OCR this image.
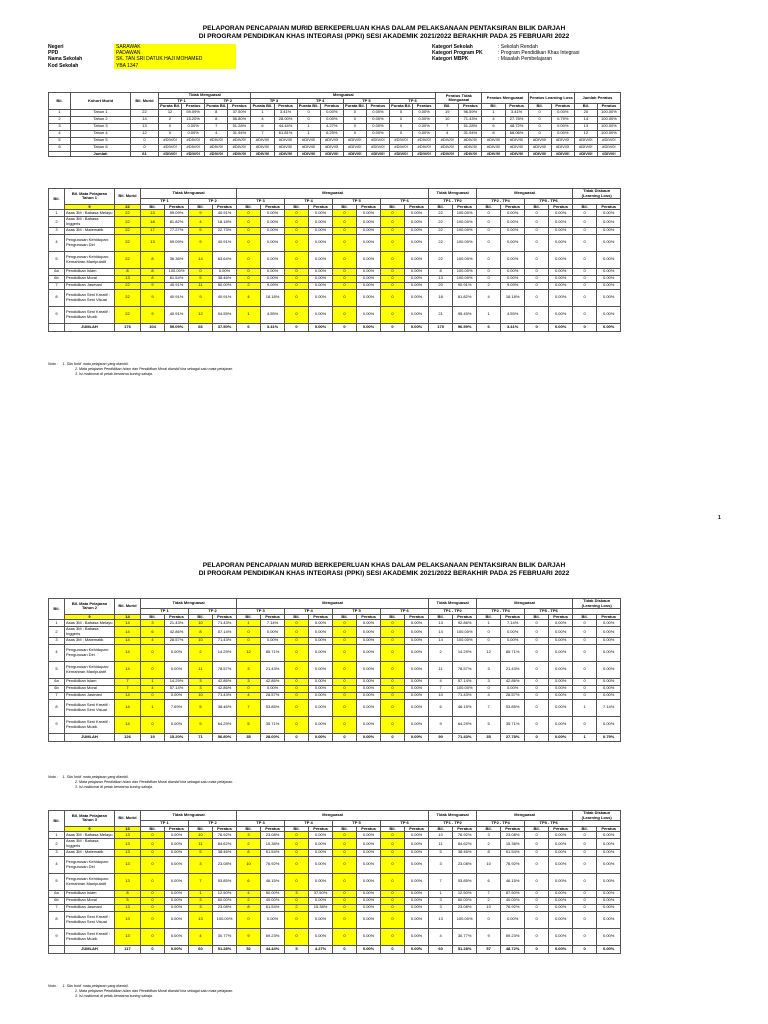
PELAPORAN PENCAPAIAN MURID BERKEPERLUAN KHAS DALAM PELAKSANAAN PENTAKSIRAN BILIK DARJAH
DI PROGRAM PENDIDIKAN KHAS INTEGRASI (PPKI) SESI AKADEMIK 2021/2022 BERAKHIR PADA 25 FEBRUARI 2022
Negeri	SARAWAK
PPD	PADAWAN
Nama Sekolah	SK. TAN SRI DATUK HAJI MOHAMED
Kod Sekolah	YBA 1347
Kategori Sekolah	: Sekolah Rendah
Kategori Program PK	: Program Pendidikan Khas Integrasi
Kategori MBPK	: Masalah Pembelajaran
Bil.	Kohort Murid	Bil. Murid	Tidak Menguasai				Menguasai								Peratus Tidak Menguasai		Peratus Menguasai		Peratus Learning Loss		Jumlah Peratus	
			TP 1		TP 2		TP 3		TP 4		TP 5		TP 6									
			Purata Bil.	Peratus	Purata Bil.	Peratus	Purata Bil.	Peratus	Purata Bil.	Peratus	Purata Bil.	Peratus	Purata Bil.	Peratus	Bil.	Peratus	Bil.	Peratus	Bil.	Peratus	Bil.	Peratus
1	Tahun 1	22	12	59.09%	8	37.50%	1	3.41%	0	0.00%	0	0.00%	0	0.00%	19	96.59%	1	3.41%	0	0.00%	20	100.00%
2	Tahun 2	14	2	15.20%	8	56.80%	4	28.00%	0	0.00%	0	0.00%	0	0.00%	10	71.43%	4	27.78%	0	0.79%	14	100.00%
3	Tahun 3	13	0	0.00%	7	51.28%	6	44.44%	1	4.27%	0	0.00%	0	0.00%	7	51.28%	6	48.72%	0	0.00%	13	100.00%
4	Tahun 4	12	0	0.00%	4	31.94%	7	61.81%	1	6.25%	0	0.00%	0	0.00%	4	31.94%	8	68.06%	0	0.00%	12	100.00%
5	Tahun 5	0	#DIV/0!	#DIV/0!	#DIV/0!	#DIV/0!	#DIV/0!	#DIV/0!	#DIV/0!	#DIV/0!	#DIV/0!	#DIV/0!	#DIV/0!	#DIV/0!	#DIV/0!	#DIV/0!	#DIV/0!	#DIV/0!	#DIV/0!	#DIV/0!	#DIV/0!	#DIV/0!
6	Tahun 6	0	#DIV/0!	#DIV/0!	#DIV/0!	#DIV/0!	#DIV/0!	#DIV/0!	#DIV/0!	#DIV/0!	#DIV/0!	#DIV/0!	#DIV/0!	#DIV/0!	#DIV/0!	#DIV/0!	#DIV/0!	#DIV/0!	#DIV/0!	#DIV/0!	#DIV/0!	#DIV/0!
	Jumlah	61	#DIV/0!	#DIV/0!	#DIV/0!	#DIV/0!	#DIV/0!	#DIV/0!	#DIV/0!	#DIV/0!	#DIV/0!	#DIV/0!	#DIV/0!	#DIV/0!	#DIV/0!	#DIV/0!	#DIV/0!	#DIV/0!	#DIV/0!	#DIV/0!	#DIV/0!	#DIV/0!
Bil.	Bil. Mata Pelajaran Tahun 1	Bil. Murid	Tidak Menguasai				Menguasai								Tidak Menguasai		Menguasai				Tidak Diskaun (Learning Loss)	
			TP 1		TP 2		TP 3		TP 4		TP 5		TP 6		TP1 - TP2		TP2 - TP4		TP5 - TP6			
	9	22	Bil.	Peratus	Bil.	Peratus	Bil.	Peratus	Bil.	Peratus	Bil.	Peratus	Bil.	Peratus	Bil.	Peratus	Bil.	Peratus	Bil.	Peratus	Bil.	Peratus
1	Asas 3M : Bahasa Melayu	22	13	59.09%	9	40.91%	0	0.00%	0	0.00%	0	0.00%	0	0.00%	22	100.00%	0	0.00%	0	0.00%	0	0.00%
2	Asas 3M : Bahasa Inggeris	22	18	81.82%	4	18.18%	0	0.00%	0	0.00%	0	0.00%	0	0.00%	22	100.00%	0	0.00%	0	0.00%	0	0.00%
3	Asas 3M : Matematik	22	17	77.27%	5	22.73%	0	0.00%	0	0.00%	0	0.00%	0	0.00%	22	100.00%	0	0.00%	0	0.00%	0	0.00%
4	Pengurusan Kehidupan: Pengurusan Diri	22	13	59.09%	9	40.91%	0	0.00%	0	0.00%	0	0.00%	0	0.00%	22	100.00%	0	0.00%	0	0.00%	0	0.00%
5	Pengurusan Kehidupan: Kemahiran Manipulatif	22	8	36.36%	14	63.64%	0	0.00%	0	0.00%	0	0.00%	0	0.00%	22	100.00%	0	0.00%	0	0.00%	0	0.00%
6a	Pendidikan Islam	8	8	100.00%	0	0.00%	0	0.00%	0	0.00%	0	0.00%	0	0.00%	8	100.00%	0	0.00%	0	0.00%	0	0.00%
6b	Pendidikan Moral	13	8	61.54%	5	38.46%	0	0.00%	0	0.00%	0	0.00%	0	0.00%	13	100.00%	0	0.00%	0	0.00%	0	0.00%
7	Pendidikan Jasmani	22	9	40.91%	11	50.00%	2	9.09%	0	0.00%	0	0.00%	0	0.00%	20	90.91%	2	9.09%	0	0.00%	0	0.00%
8	Pendidikan Seni Kreatif : Pendidikan Seni Visual	22	9	40.91%	9	40.91%	4	18.18%	0	0.00%	0	0.00%	0	0.00%	18	81.82%	4	18.18%	0	0.00%	0	0.00%
9	Pendidikan Seni Kreatif : Pendidikan Muzik	22	9	40.91%	12	54.55%	1	4.55%	0	0.00%	0	0.00%	0	0.00%	21	95.45%	1	4.55%	0	0.00%	0	0.00%
	JUMLAH	176	104	59.09%	66	37.50%	6	3.41%	0	0.00%	0	0.00%	0	0.00%	170	96.59%	6	3.41%	0	0.00%	0	0.00%
Nota : 1. Sila 'bold' mata pelajaran yang diambil.
2. Mata pelajaran Pendidikan Islam dan Pendidikan Moral diambil kira sebagai satu mata pelajaran.
3. Isi maklumat di petak berwarna kuning sahaja.
1
PELAPORAN PENCAPAIAN MURID BERKEPERLUAN KHAS DALAM PELAKSANAAN PENTAKSIRAN BILIK DARJAH
DI PROGRAM PENDIDIKAN KHAS INTEGRASI (PPKI) SESI AKADEMIK 2021/2022 BERAKHIR PADA 25 FEBRUARI 2022
Bil.	Bil. Mata Pelajaran Tahun 2	Bil. Murid	Tidak Menguasai				Menguasai								Tidak Menguasai		Menguasai				Tidak Diskaun (Learning Loss)	
			TP 1		TP 2		TP 3		TP 4		TP 5		TP 6		TP1 - TP2		TP2 - TP4		TP5 - TP6			
	9	14	Bil.	Peratus	Bil.	Peratus	Bil.	Peratus	Bil.	Peratus	Bil.	Peratus	Bil.	Peratus	Bil.	Peratus	Bil.	Peratus	Bil.	Peratus	Bil.	Peratus
1	Asas 3M : Bahasa Melayu	14	3	21.43%	10	71.43%	1	7.14%	0	0.00%	0	0.00%	0	0.00%	13	92.86%	1	7.14%	0	0.00%	0	0.00%
2	Asas 3M : Bahasa Inggeris	14	6	42.86%	8	57.14%	0	0.00%	0	0.00%	0	0.00%	0	0.00%	14	100.00%	0	0.00%	0	0.00%	0	0.00%
3	Asas 3M : Matematik	14	4	28.57%	10	71.43%	0	0.00%	0	0.00%	0	0.00%	0	0.00%	14	100.00%	0	0.00%	0	0.00%	0	0.00%
4	Pengurusan Kehidupan: Pengurusan Diri	14	0	0.00%	2	14.29%	12	85.71%	0	0.00%	0	0.00%	0	0.00%	2	14.29%	12	85.71%	0	0.00%	0	0.00%
5	Pengurusan Kehidupan: Kemahiran Manipulatif	14	0	0.00%	11	78.57%	3	21.43%	0	0.00%	0	0.00%	0	0.00%	11	78.57%	3	21.43%	0	0.00%	0	0.00%
6a	Pendidikan Islam	7	1	14.29%	3	42.86%	3	42.86%	0	0.00%	0	0.00%	0	0.00%	4	57.14%	3	42.86%	0	0.00%	0	0.00%
6b	Pendidikan Moral	7	4	57.14%	3	42.86%	0	0.00%	0	0.00%	0	0.00%	0	0.00%	7	100.00%	0	0.00%	0	0.00%	0	0.00%
7	Pendidikan Jasmani	14	0	0.00%	10	71.43%	4	28.57%	0	0.00%	0	0.00%	0	0.00%	10	71.43%	4	28.57%	0	0.00%	0	0.00%
8	Pendidikan Seni Kreatif : Pendidikan Seni Visual	14	1	7.69%	5	38.46%	7	53.85%	0	0.00%	0	0.00%	0	0.00%	6	46.15%	7	53.85%	0	0.00%	1	7.14%
9	Pendidikan Seni Kreatif : Pendidikan Muzik	14	0	0.00%	9	64.29%	5	35.71%	0	0.00%	0	0.00%	0	0.00%	9	64.29%	5	35.71%	0	0.00%	0	0.00%
	JUMLAH	126	19	15.20%	71	56.80%	35	28.00%	0	0.00%	0	0.00%	0	0.00%	90	71.43%	35	27.78%	0	0.00%	1	0.79%
Nota : 1. Sila 'bold' mata pelajaran yang diambil.
2. Mata pelajaran Pendidikan Islam dan Pendidikan Moral diambil kira sebagai satu mata pelajaran.
3. Isi maklumat di petak berwarna kuning sahaja.
Bil.	Bil. Mata Pelajaran Tahun 3	Bil. Murid	Tidak Menguasai				Menguasai								Tidak Menguasai		Menguasai				Tidak Diskaun (Learning Loss)	
			TP 1		TP 2		TP 3		TP 4		TP 5		TP 6		TP1 - TP2		TP2 - TP4		TP5 - TP6			
	9	13	Bil.	Peratus	Bil.	Peratus	Bil.	Peratus	Bil.	Peratus	Bil.	Peratus	Bil.	Peratus	Bil.	Peratus	Bil.	Peratus	Bil.	Peratus	Bil.	Peratus
1	Asas 3M : Bahasa Melayu	13	0	0.00%	10	76.92%	3	23.08%	0	0.00%	0	0.00%	0	0.00%	10	76.92%	3	23.08%	0	0.00%	0	0.00%
2	Asas 3M : Bahasa Inggeris	13	0	0.00%	11	84.62%	2	15.38%	0	0.00%	0	0.00%	0	0.00%	11	84.62%	2	15.38%	0	0.00%	0	0.00%
3	Asas 3M : Matematik	13	0	0.00%	5	38.46%	8	61.54%	0	0.00%	0	0.00%	0	0.00%	5	38.46%	8	61.54%	0	0.00%	0	0.00%
4	Pengurusan Kehidupan: Pengurusan Diri	13	0	0.00%	3	23.08%	10	76.92%	0	0.00%	0	0.00%	0	0.00%	3	23.08%	10	76.92%	0	0.00%	0	0.00%
5	Pengurusan Kehidupan: Kemahiran Manipulatif	13	0	0.00%	7	53.85%	6	46.15%	0	0.00%	0	0.00%	0	0.00%	7	53.85%	6	46.15%	0	0.00%	0	0.00%
6a	Pendidikan Islam	8	0	0.00%	1	12.50%	4	50.00%	3	37.50%	0	0.00%	0	0.00%	1	12.50%	7	87.50%	0	0.00%	0	0.00%
6b	Pendidikan Moral	5	0	0.00%	3	60.00%	2	40.00%	0	0.00%	0	0.00%	0	0.00%	3	60.00%	2	40.00%	0	0.00%	0	0.00%
7	Pendidikan Jasmani	13	0	0.00%	3	23.08%	8	61.54%	2	15.38%	0	0.00%	0	0.00%	3	23.08%	10	76.92%	0	0.00%	0	0.00%
8	Pendidikan Seni Kreatif : Pendidikan Seni Visual	13	0	0.00%	13	100.00%	0	0.00%	0	0.00%	0	0.00%	0	0.00%	13	100.00%	0	0.00%	0	0.00%	0	0.00%
9	Pendidikan Seni Kreatif : Pendidikan Muzik	13	0	0.00%	4	30.77%	9	69.23%	0	0.00%	0	0.00%	0	0.00%	4	30.77%	9	69.23%	0	0.00%	0	0.00%
	JUMLAH	117	0	0.00%	60	51.28%	52	44.44%	5	4.27%	0	0.00%	0	0.00%	60	51.28%	57	48.72%	0	0.00%	0	0.00%
Nota : 1. Sila 'bold' mata pelajaran yang diambil.
2. Mata pelajaran Pendidikan Islam dan Pendidikan Moral diambil kira sebagai satu mata pelajaran.
3. Isi maklumat di petak berwarna kuning sahaja.
